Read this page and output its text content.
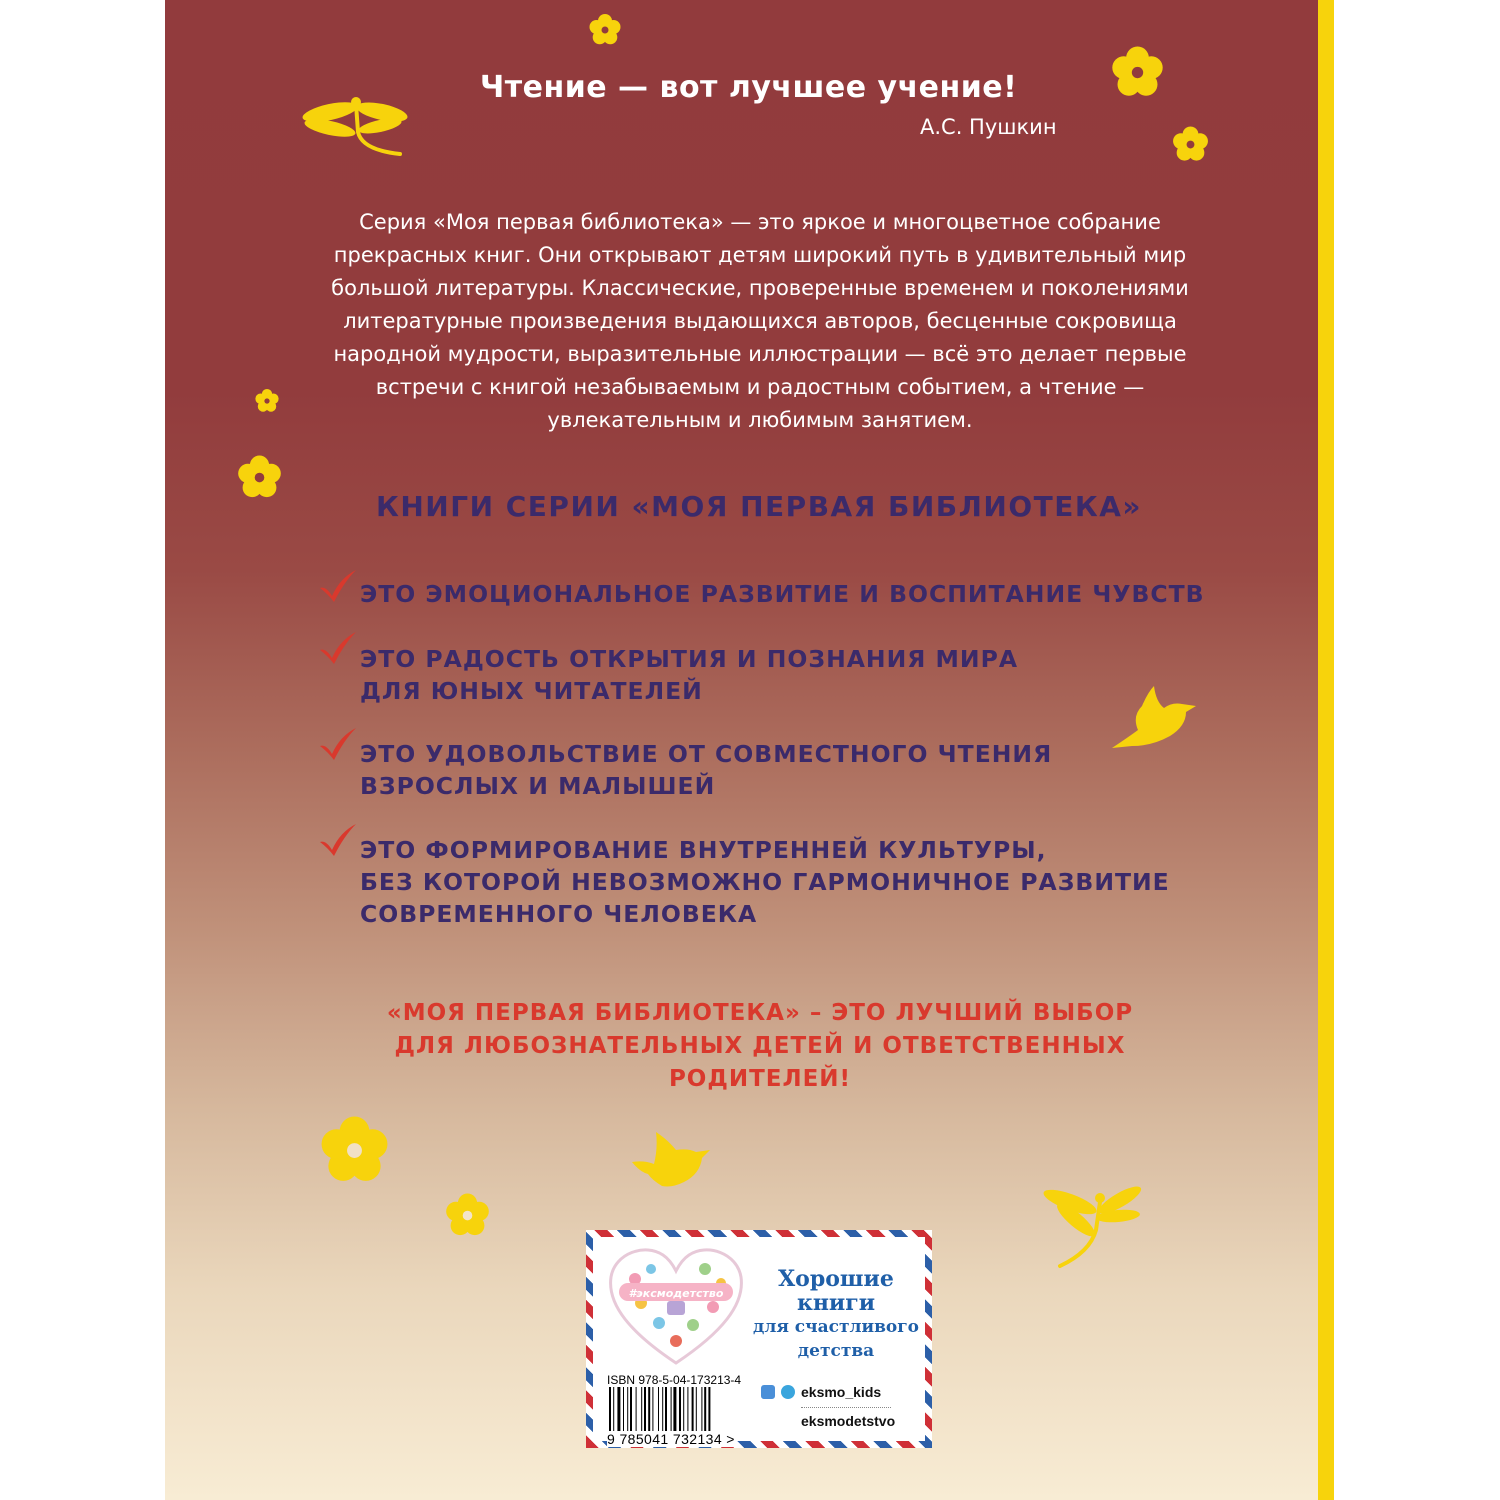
Чтение — вот лучшее учение!
А.С. Пушкин
Серия «Моя первая библиотека» — это яркое и многоцветное собрание
прекрасных книг. Они открывают детям широкий путь в удивительный мир
большой литературы. Классические, проверенные временем и поколениями
литературные произведения выдающихся авторов, бесценные сокровища
народной мудрости, выразительные иллюстрации — всё это делает первые
встречи с книгой незабываемым и радостным событием, а чтение —
увлекательным и любимым занятием.
КНИГИ СЕРИИ «МОЯ ПЕРВАЯ БИБЛИОТЕКА»
ЭТО ЭМОЦИОНАЛЬНОЕ РАЗВИТИЕ И ВОСПИТАНИЕ ЧУВСТВ
ЭТО РАДОСТЬ ОТКРЫТИЯ И ПОЗНАНИЯ МИРА
ДЛЯ ЮНЫХ ЧИТАТЕЛЕЙ
ЭТО УДОВОЛЬСТВИЕ ОТ СОВМЕСТНОГО ЧТЕНИЯ
ВЗРОСЛЫХ И МАЛЫШЕЙ
ЭТО ФОРМИРОВАНИЕ ВНУТРЕННЕЙ КУЛЬТУРЫ,
БЕЗ КОТОРОЙ НЕВОЗМОЖНО ГАРМОНИЧНОЕ РАЗВИТИЕ
СОВРЕМЕННОГО ЧЕЛОВЕКА
«МОЯ ПЕРВАЯ БИБЛИОТЕКА» – ЭТО ЛУЧШИЙ ВЫБОР
ДЛЯ ЛЮБОЗНАТЕЛЬНЫХ ДЕТЕЙ И ОТВЕТСТВЕННЫХ
РОДИТЕЛЕЙ!
#эксмодетство
Хорошие
книги
для счастливого
детства
ISBN 978-5-04-173213-4
9 785041 732134 >
eksmo_kids
eksmodetstvo
